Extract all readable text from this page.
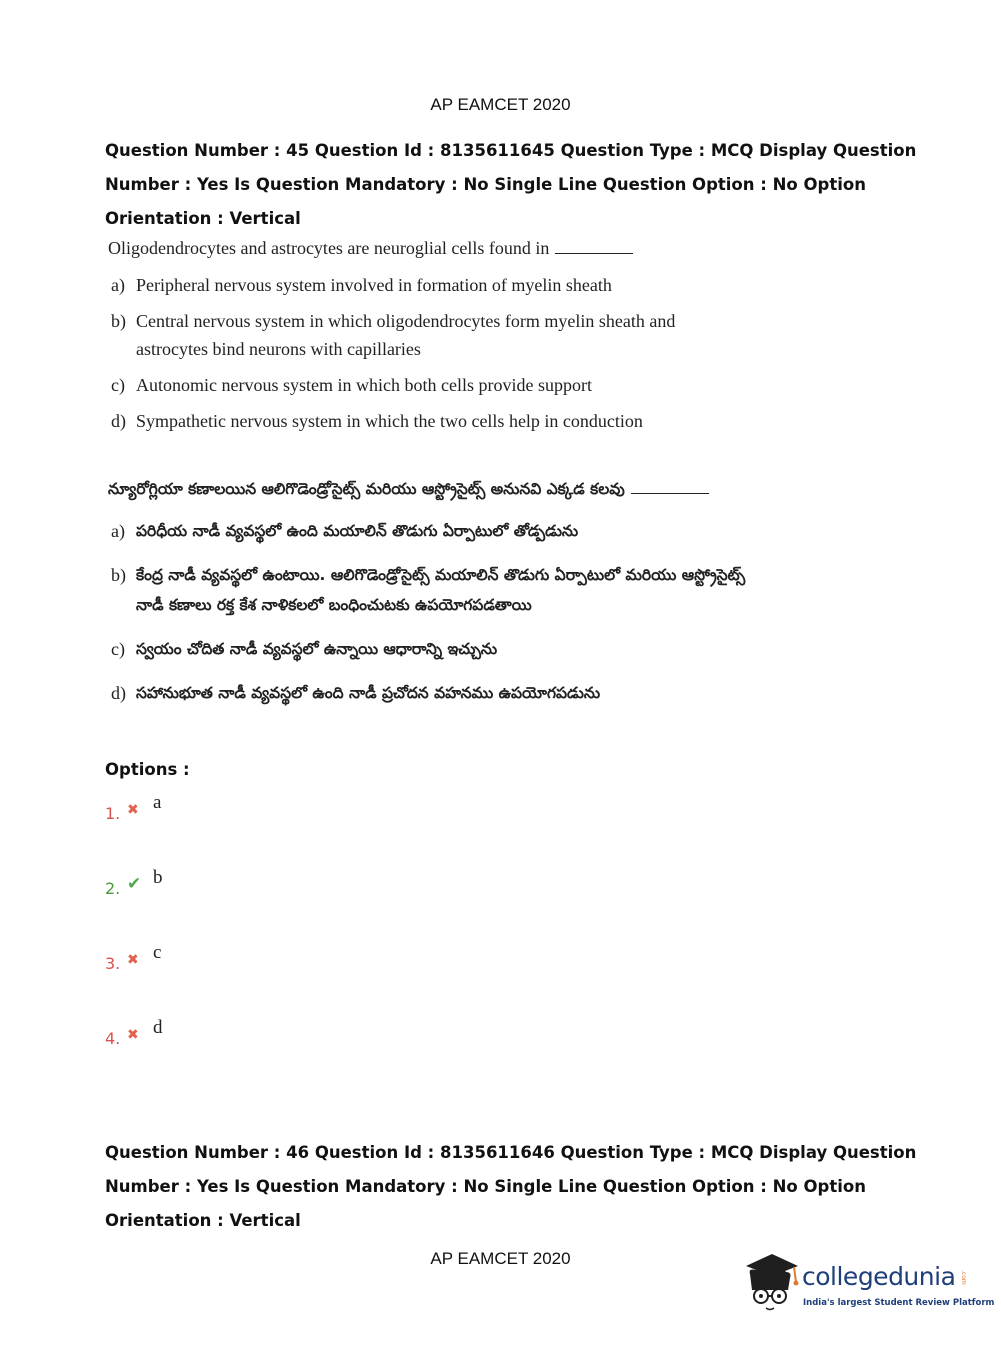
AP EAMCET 2020
Question Number : 45 Question Id : 8135611645 Question Type : MCQ Display Question
Number : Yes Is Question Mandatory : No Single Line Question Option : No Option
Orientation : Vertical
Oligodendrocytes and astrocytes are neuroglial cells found in
a) Peripheral nervous system involved in formation of myelin sheath
b) Central nervous system in which oligodendrocytes form myelin sheath and astrocytes bind neurons with capillaries
c) Autonomic nervous system in which both cells provide support
d) Sympathetic nervous system in which the two cells help in conduction
న్యూరోగ్లియా కణాలయిన ఆలిగొడెండ్రోసైట్స్ మరియు ఆస్ట్రోసైట్స్ అనునవి ఎక్కడ కలవు
a) పరిధీయ నాడీ వ్యవస్థలో ఉంది మయాలిన్ తొడుగు ఏర్పాటులో తోడ్పడును
b) కేంద్ర నాడీ వ్యవస్థలో ఉంటాయి. ఆలిగొడెండ్రోసైట్స్ మయాలిన్ తొడుగు ఏర్పాటులో మరియు ఆస్ట్రోసైట్స్ నాడీ కణాలు రక్త కేశ నాళికలలో బంధించుటకు ఉపయోగపడతాయి
c) స్వయం చోదిత నాడీ వ్యవస్థలో ఉన్నాయి ఆధారాన్ని ఇచ్చును
d) సహానుభూత నాడీ వ్యవస్థలో ఉంది నాడీ ప్రచోదన వహనము ఉపయోగపడును
Options :
1. ✖ a
2. ✔ b
3. ✖ c
4. ✖ d
Question Number : 46 Question Id : 8135611646 Question Type : MCQ Display Question
Number : Yes Is Question Mandatory : No Single Line Question Option : No Option
Orientation : Vertical
AP EAMCET 2020
collegedunia .com
India's largest Student Review Platform
